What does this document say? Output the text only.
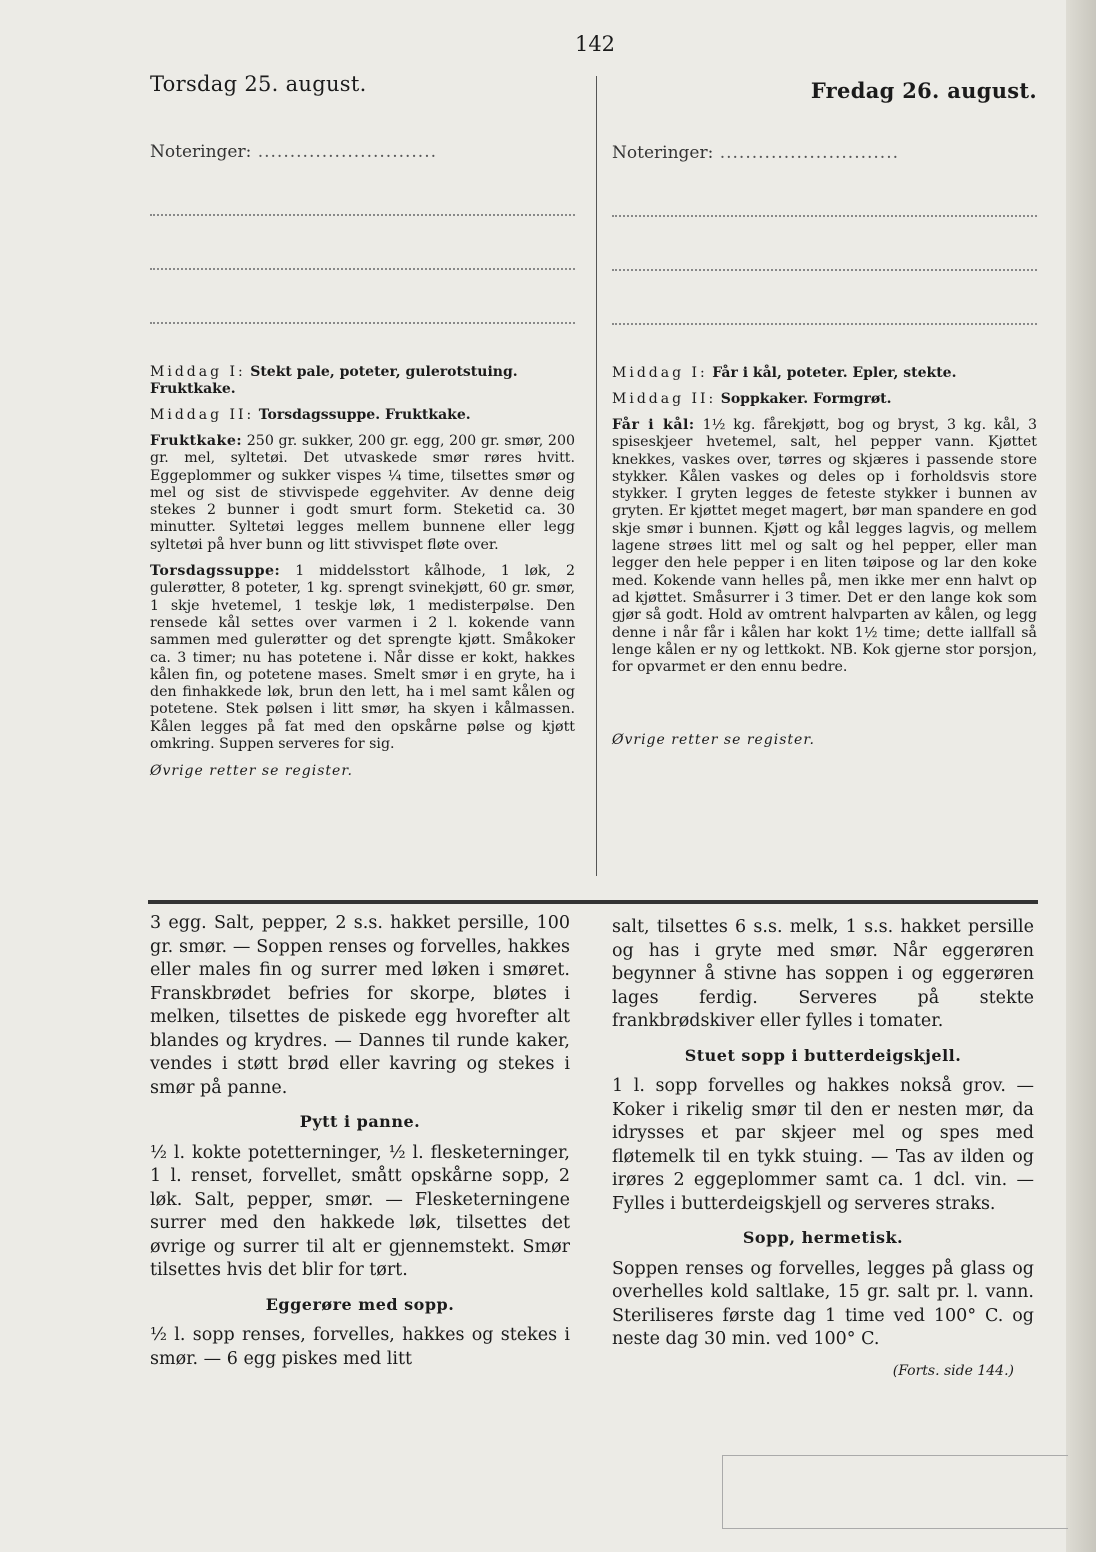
142
Torsdag 25. august.
Noteringer: .....

Middag I: Stekt pale, poteter, gulerotstuing. Fruktkake.

Middag II: Torsdagssuppe. Fruktkake.

Fruktkake: 250 gr. sukker, 200 gr. egg, 200 gr. smør, 200 gr. mel, syltetøi. Det utvaskede smør røres hvitt. Eggeplommer og sukker vispes ¼ time, tilsettes smør og mel og sist de stivvispede eggehviter. Av denne deig stekes 2 bunner i godt smurt form. Steketid ca. 30 minutter. Syltetøi legges mellem bunnene eller legg syltetøi på hver bunn og litt stivvispet fløte over.

Torsdagssuppe: 1 middelsstort kålhode, 1 løk, 2 gulerøtter, 8 poteter, 1 kg. sprengt svinekjøtt, 60 gr. smør, 1 skje hvetemel, 1 teskje løk, 1 medisterpølse. Den rensede kål settes over varmen i 2 l. kokende vann sammen med gulerøtter og det sprengte kjøtt. Småkoker ca. 3 timer; nu has potetene i. Når disse er kokt, hakkes kålen fin, og potetene mases. Smelt smør i en gryte, ha i den finhakkede løk, brun den lett, ha i mel samt kålen og potetene. Stek pølsen i litt smør, ha skyen i kålmassen. Kålen legges på fat med den opskårne pølse og kjøtt omkring. Suppen serveres for sig.

Øvrige retter se register.
Fredag 26. august.
Noteringer: .....

Middag I: Får i kål, poteter. Epler, stekte.

Middag II: Soppkaker. Formgrøt.

Får i kål: 1½ kg. fårekjøtt, bog og bryst, 3 kg. kål, 3 spiseskjeer hvetemel, salt, hel pepper vann. Kjøttet knekkes, vaskes over, tørres og skjæres i passende store stykker. Kålen vaskes og deles op i forholdsvis store stykker. I gryten legges de feteste stykker i bunnen av gryten. Er kjøttet meget magert, bør man spandere en god skje smør i bunnen. Kjøtt og kål legges lagvis, og mellem lagene strøes litt mel og salt og hel pepper, eller man legger den hele pepper i en liten tøipose og lar den koke med. Kokende vann helles på, men ikke mer enn halvt op ad kjøttet. Småsurrer i 3 timer. Det er den lange kok som gjør så godt. Hold av omtrent halvparten av kålen, og legg denne i når får i kålen har kokt 1½ time; dette iallfall så lenge kålen er ny og lettkokt. NB. Kok gjerne stor porsjon, for opvarmet er den ennu bedre.

Øvrige retter se register.

3 egg. Salt, pepper, 2 s.s. hakket persille, 100 gr. smør. — Soppen renses og forvelles, hakkes eller males fin og surrer med løken i smøret. Franskbrødet befries for skorpe, bløtes i melken, tilsettes de piskede egg hvorefter alt blandes og krydres. — Dannes til runde kaker, vendes i støtt brød eller kavring og stekes i smør på panne.

Pytt i panne.

½ l. kokte potetterninger, ½ l. flesketerninger, 1 l. renset, forvellet, smått opskårne sopp, 2 løk. Salt, pepper, smør. — Flesketerningene surrer med den hakkede løk, tilsettes det øvrige og surrer til alt er gjennemstekt. Smør tilsettes hvis det blir for tørt.

Eggerøre med sopp.

½ l. sopp renses, forvelles, hakkes og stekes i smør. — 6 egg piskes med litt

salt, tilsettes 6 s.s. melk, 1 s.s. hakket persille og has i gryte med smør. Når eggerøren begynner å stivne has soppen i og eggerøren lages ferdig. Serveres på stekte frankbrødskiver eller fylles i tomater.

Stuet sopp i butterdeigskjell.

1 l. sopp forvelles og hakkes nokså grov. — Koker i rikelig smør til den er nesten mør, da idrysses et par skjeer mel og spes med fløtemelk til en tykk stuing. — Tas av ilden og irøres 2 eggeplommer samt ca. 1 dcl. vin. — Fylles i butterdeigskjell og serveres straks.

Sopp, hermetisk.

Soppen renses og forvelles, legges på glass og overhelles kold saltlake, 15 gr. salt pr. l. vann. Steriliseres første dag 1 time ved 100° C. og neste dag 30 min. ved 100° C.

(Forts. side 144.)
